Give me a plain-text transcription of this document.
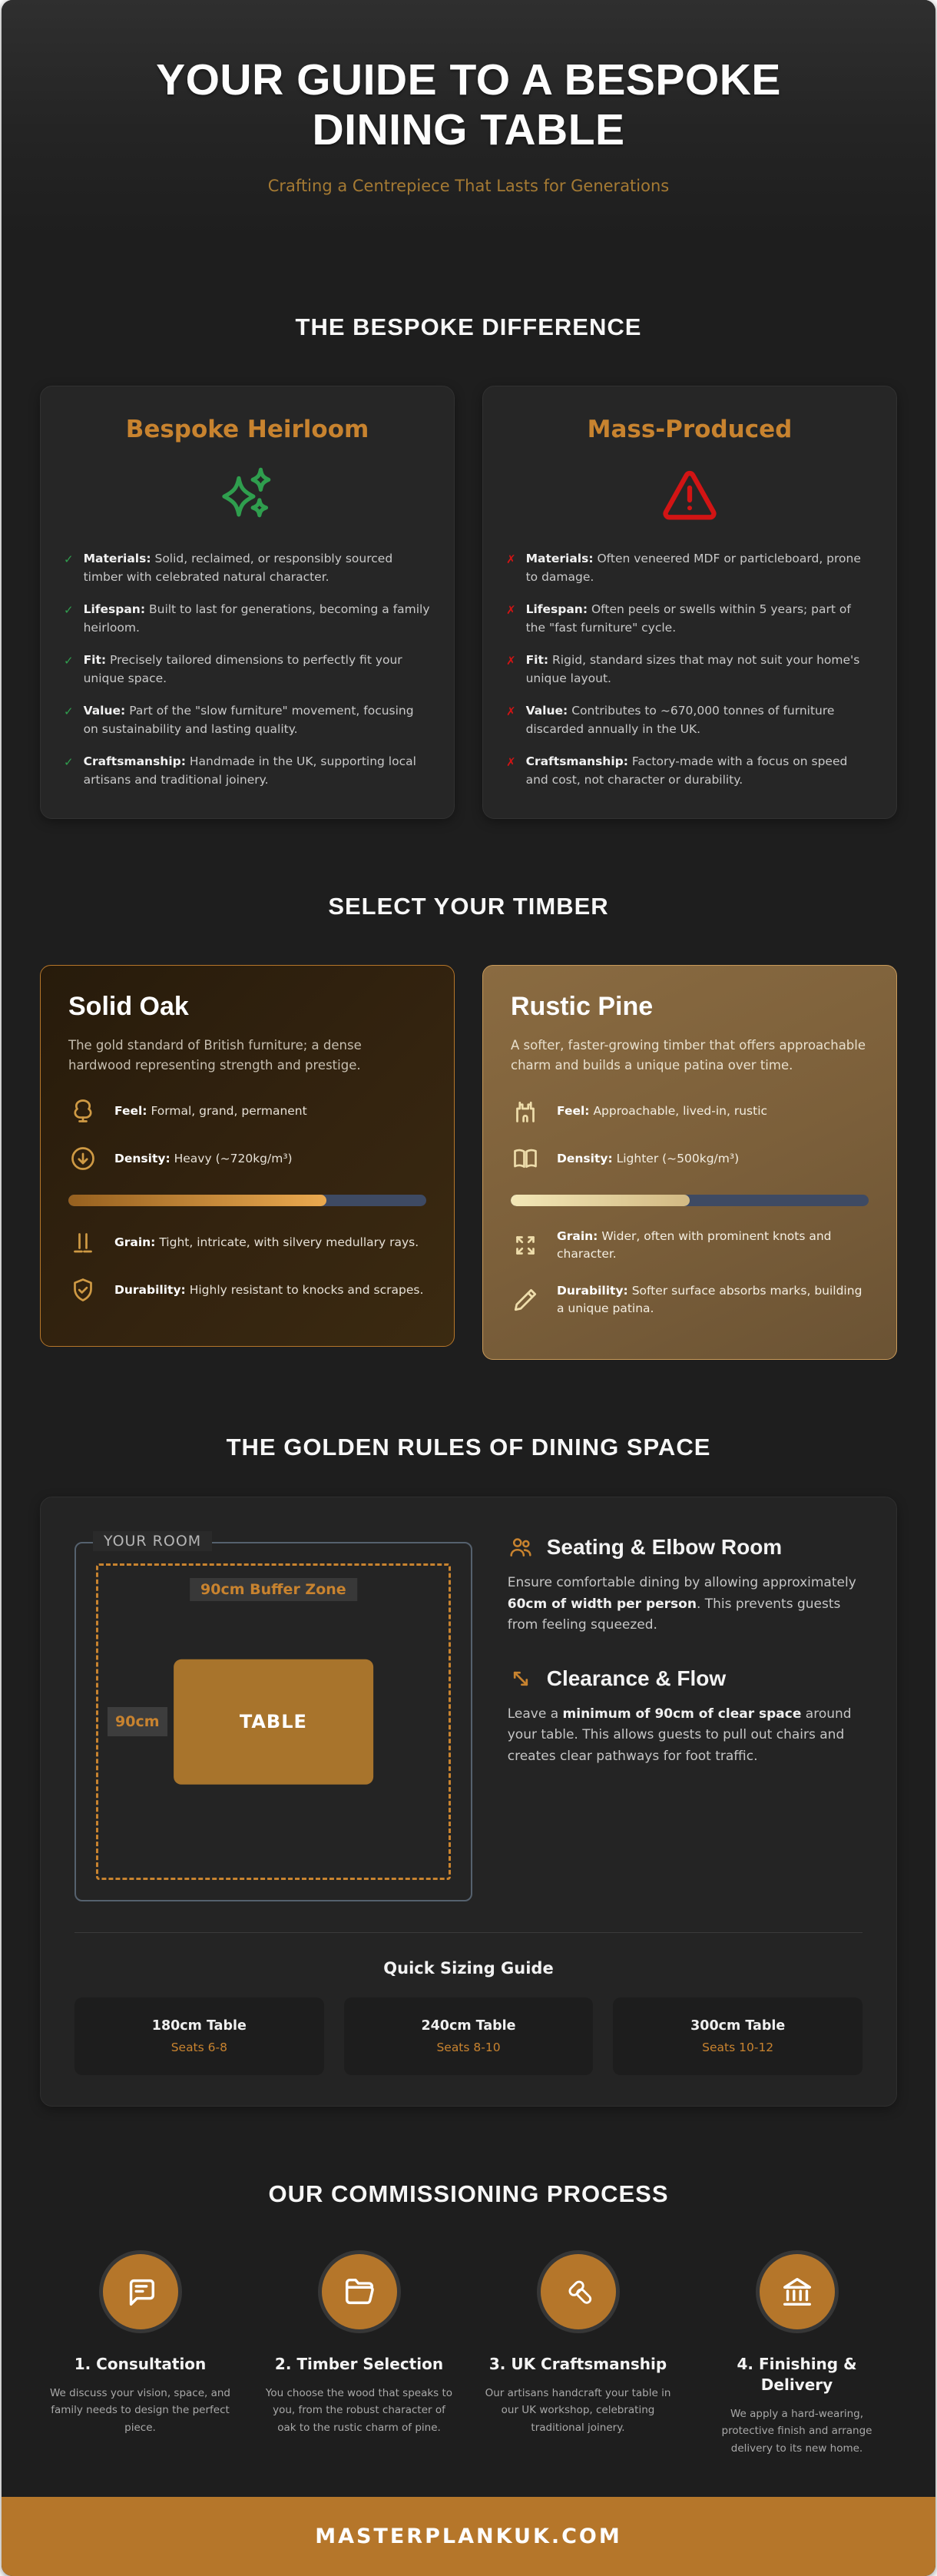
YOUR GUIDE TO A BESPOKE DINING TABLE

Crafting a Centrepiece That Lasts for Generations

THE BESPOKE DIFFERENCE
Bespoke Heirloom
✓ Materials: Solid, reclaimed, or responsibly sourced timber with celebrated natural character.

✓ Lifespan: Built to last for generations, becoming a family heirloom.

✓ Fit: Precisely tailored dimensions to perfectly fit your unique space.

✓ Value: Part of the "slow furniture" movement, focusing on sustainability and lasting quality.

✓ Craftsmanship: Handmade in the UK, supporting local artisans and traditional joinery.

Mass-Produced
✗ Materials: Often veneered MDF or particleboard, prone to damage.

✗ Lifespan: Often peels or swells within 5 years; part of the "fast furniture" cycle.

✗ Fit: Rigid, standard sizes that may not suit your home's unique layout.

✗ Value: Contributes to ~670,000 tonnes of furniture discarded annually in the UK.

✗ Craftsmanship: Factory-made with a focus on speed and cost, not character or durability.

SELECT YOUR TIMBER
Solid Oak

The gold standard of British furniture; a dense hardwood representing strength and prestige.

Feel: Formal, grand, permanent

Density: Heavy (~720kg/m³)

Grain: Tight, intricate, with silvery medullary rays.

Durability: Highly resistant to knocks and scrapes.

Rustic Pine

A softer, faster-growing timber that offers approachable charm and builds a unique patina over time.

Feel: Approachable, lived-in, rustic

Density: Lighter (~500kg/m³)

Grain: Wider, often with prominent knots and character.

Durability: Softer surface absorbs marks, building a unique patina.

THE GOLDEN RULES OF DINING SPACE
YOUR ROOM
90cm Buffer Zone
90cm	TABLE
Seating & Elbow Room

Ensure comfortable dining by allowing approximately 60cm of width per person. This prevents guests from feeling squeezed.

Clearance & Flow

Leave a minimum of 90cm of clear space around your table. This allows guests to pull out chairs and creates clear pathways for foot traffic.

Quick Sizing Guide
180cm Table
Seats 6-8
240cm Table
Seats 8-10
300cm Table
Seats 10-12
OUR COMMISSIONING PROCESS
1. Consultation

We discuss your vision, space, and family needs to design the perfect piece.

2. Timber Selection

You choose the wood that speaks to you, from the robust character of oak to the rustic charm of pine.

3. UK Craftsmanship

Our artisans handcraft your table in our UK workshop, celebrating traditional joinery.

4. Finishing & Delivery

We apply a hard-wearing, protective finish and arrange delivery to its new home.

MASTERPLANKUK.COM
